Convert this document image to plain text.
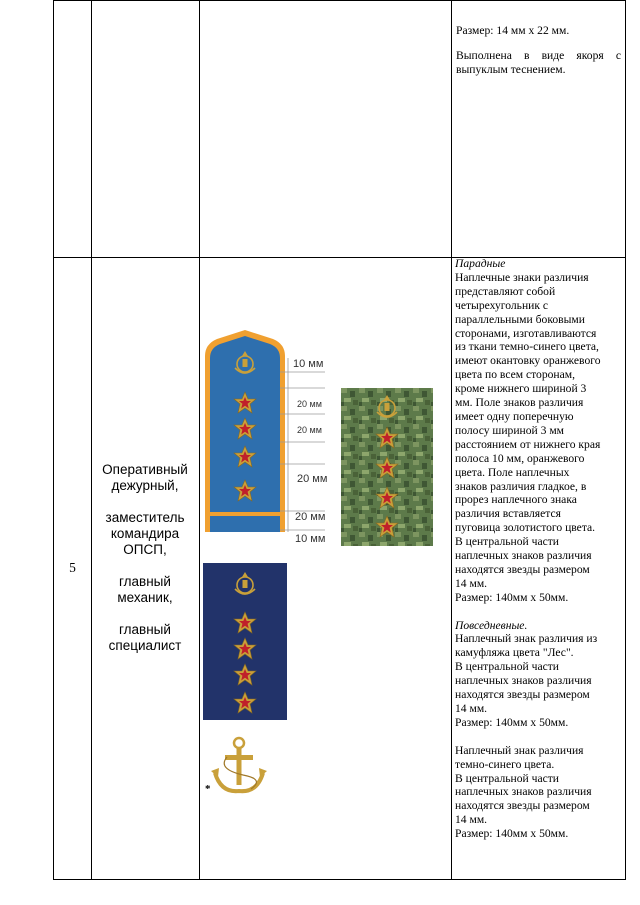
Размер: 14 мм х 22 мм.

Выполнена в виде якоря с выпуклым теснением.

5
Оперативный
дежурный,
заместитель
командира
ОПСП,
главный
механик,
главный
специалист
10 мм
20 мм
20 мм
20 мм
20 мм
10 мм
*

Парадные

Наплечные знаки различия

представляют собой

четырехугольник с

параллельными боковыми

сторонами, изготавливаются

из ткани темно-синего цвета,

имеют окантовку оранжевого

цвета по всем сторонам,

кроме нижнего шириной 3

мм. Поле знаков различия

имеет одну поперечную

полосу шириной 3 мм

расстоянием от нижнего края

полоса 10 мм, оранжевого

цвета. Поле наплечных

знаков различия гладкое, в

прорез наплечного знака

различия вставляется

пуговица золотистого цвета.

В центральной части

наплечных знаков различия

находятся звезды размером

14 мм.

Размер: 140мм х 50мм.

Повседневные.

Наплечный знак различия из

камуфляжа цвета "Лес".

В центральной части

наплечных знаков различия

находятся звезды размером

14 мм.

Размер: 140мм х 50мм.

Наплечный знак различия

темно-синего цвета.

В центральной части

наплечных знаков различия

находятся звезды размером

14 мм.

Размер: 140мм х 50мм.
